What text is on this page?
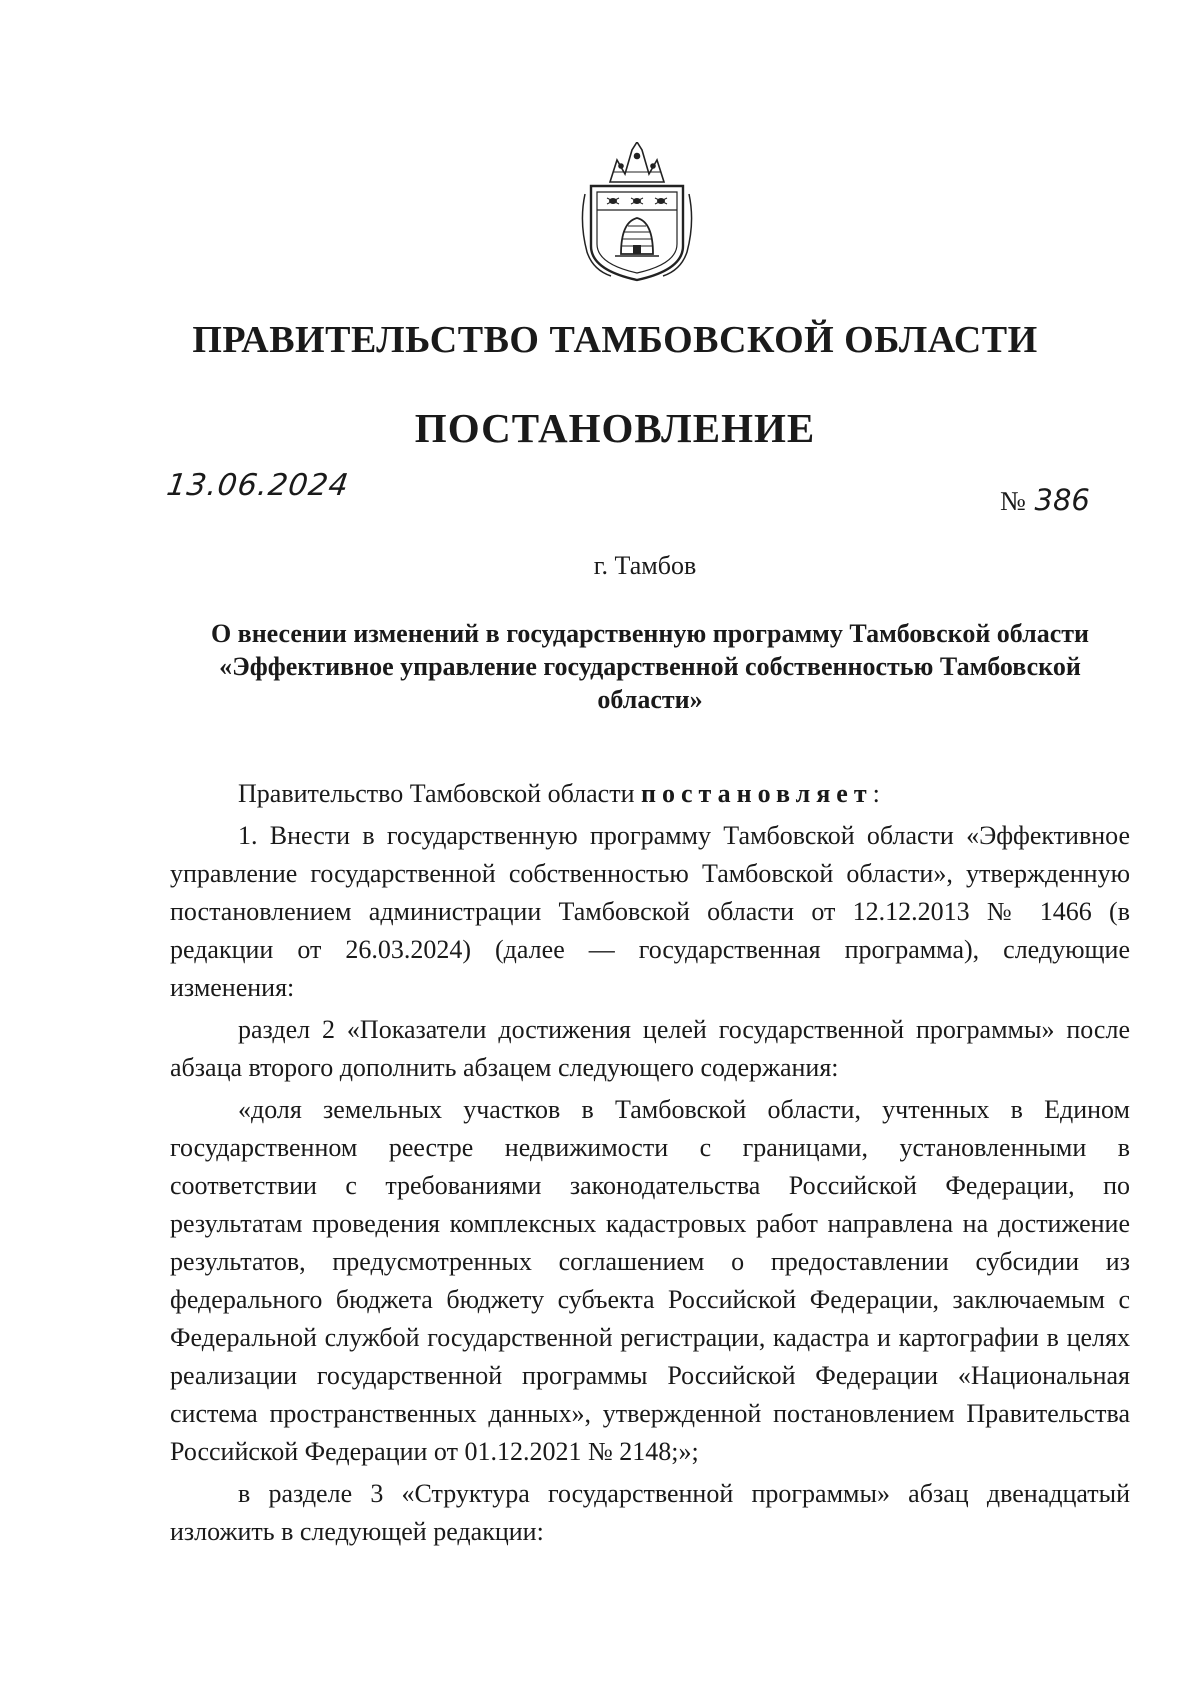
ПРАВИТЕЛЬСТВО ТАМБОВСКОЙ ОБЛАСТИ
ПОСТАНОВЛЕНИЕ
13.06.2024	№ 386
г. Тамбов
О внесении изменений в государственную программу Тамбовской области «Эффективное управление государственной собственностью Тамбовской области»

Правительство Тамбовской области постановляет:

1. Внести в государственную программу Тамбовской области «Эффективное управление государственной собственностью Тамбовской области», утвержденную постановлением администрации Тамбовской области от 12.12.2013 № 1466 (в редакции от 26.03.2024) (далее — государственная программа), следующие изменения:

раздел 2 «Показатели достижения целей государственной программы» после абзаца второго дополнить абзацем следующего содержания:

«доля земельных участков в Тамбовской области, учтенных в Едином государственном реестре недвижимости с границами, установленными в соответствии с требованиями законодательства Российской Федерации, по результатам проведения комплексных кадастровых работ направлена на достижение результатов, предусмотренных соглашением о предоставлении субсидии из федерального бюджета бюджету субъекта Российской Федерации, заключаемым с Федеральной службой государственной регистрации, кадастра и картографии в целях реализации государственной программы Российской Федерации «Национальная система пространственных данных», утвержденной постановлением Правительства Российской Федерации от 01.12.2021 № 2148;»;

в разделе 3 «Структура государственной программы» абзац двенадцатый изложить в следующей редакции:
